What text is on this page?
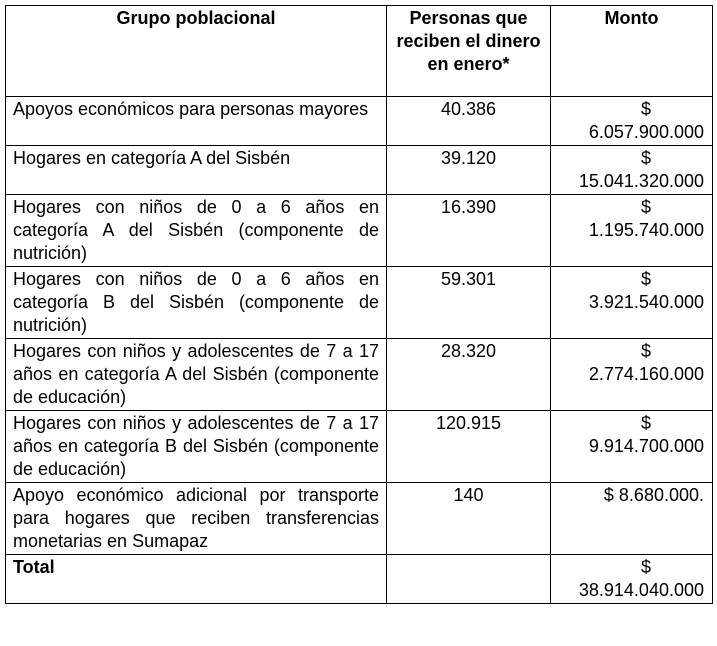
Grupo poblacional	Personas que reciben el dinero en enero*	Monto
Apoyos económicos para personas mayores	40.386	$
6.057.900.000

Hogares en categoría A del Sisbén	39.120	$
15.041.320.000

Hogares con niños de 0 a 6 años en categoría A del Sisbén (componente de nutrición)	16.390	$
1.195.740.000

Hogares con niños de 0 a 6 años en categoría B del Sisbén (componente de nutrición)	59.301	$
3.921.540.000

Hogares con niños y adolescentes de 7 a 17 años en categoría A del Sisbén (componente de educación)	28.320	$
2.774.160.000

Hogares con niños y adolescentes de 7 a 17 años en categoría B del Sisbén (componente de educación)	120.915	$
9.914.700.000

Apoyo económico adicional por transporte para hogares que reciben transferencias monetarias en Sumapaz	140	$ 8.680.000.
Total		$
38.914.040.000
